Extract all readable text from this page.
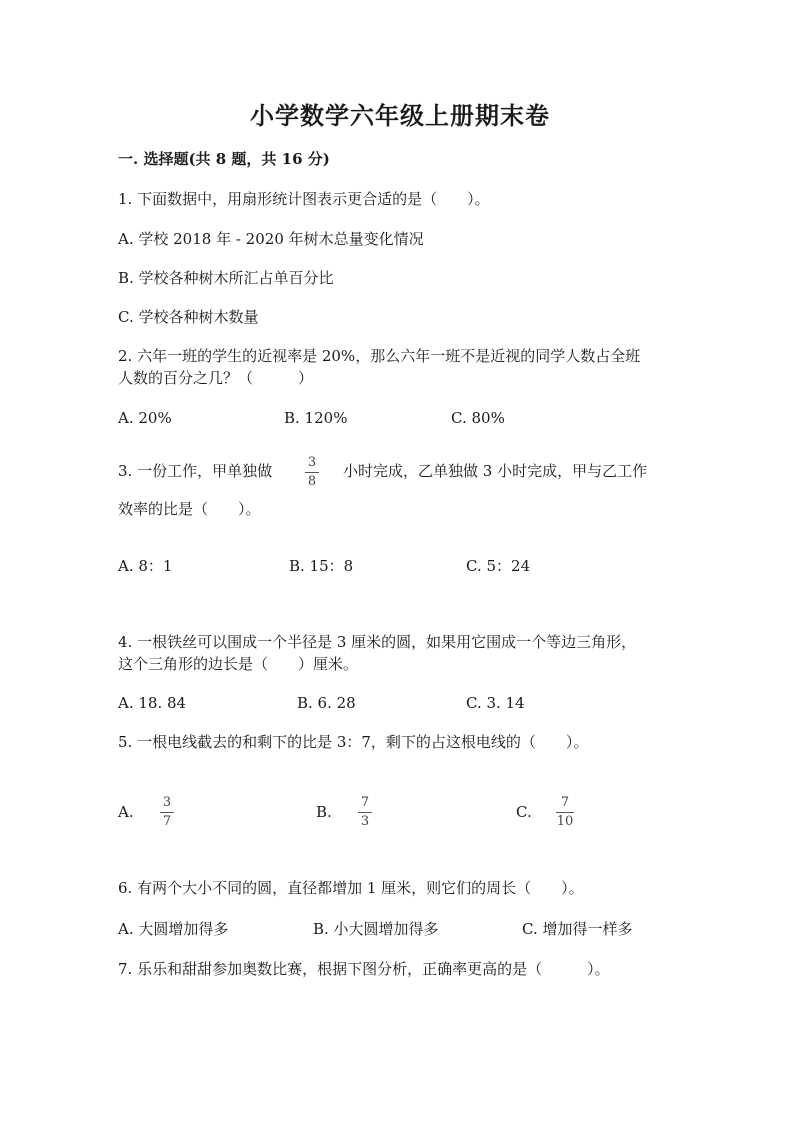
小学数学六年级上册期末卷
一. 选择题(共 8 题，共 16 分)
1. 下面数据中，用扇形统计图表示更合适的是（　　）。
A. 学校 2018 年 - 2020 年树木总量变化情况
B. 学校各种树木所汇占单百分比
C. 学校各种树木数量
2. 六年一班的学生的近视率是 20%，那么六年一班不是近视的同学人数占全班
人数的百分之几？（　　　）
A. 20%	B. 120%	C. 80%
3. 一份工作，甲单独做	3
8
小时完成，乙单独做 3 小时完成，甲与乙工作
效率的比是（　　）。
A. 8：1	B. 15：8	C. 5：24
4. 一根铁丝可以围成一个半径是 3 厘米的圆，如果用它围成一个等边三角形，
这个三角形的边长是（　　）厘米。
A. 18. 84	B. 6. 28	C. 3. 14
5. 一根电线截去的和剩下的比是 3：7，剩下的占这根电线的（　　）。
A.
3
7
B.
7
3
C.
7
10
6. 有两个大小不同的圆，直径都增加 1 厘米，则它们的周长（　　）。
A. 大圆增加得多	B. 小大圆增加得多	C. 增加得一样多
7. 乐乐和甜甜参加奥数比赛，根据下图分析，正确率更高的是（　　　）。
